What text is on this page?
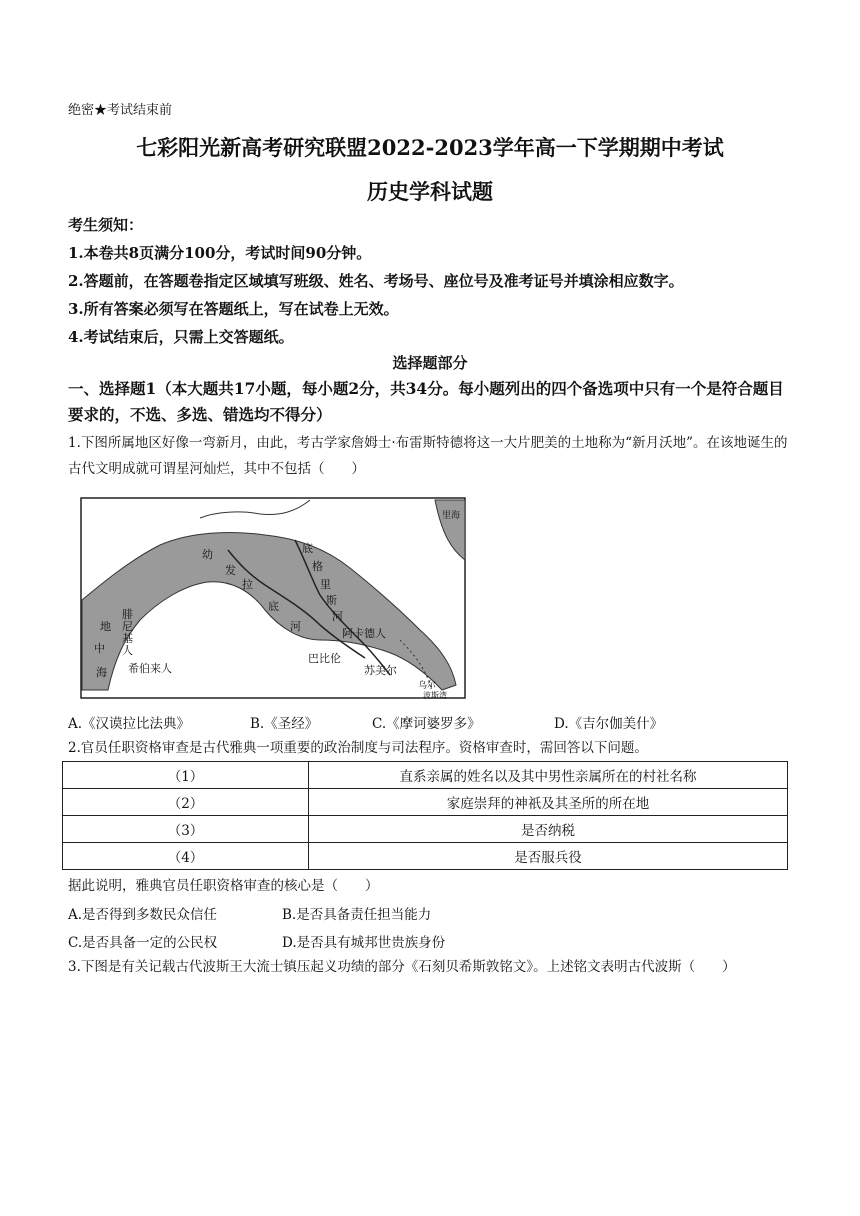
绝密★考试结束前
七彩阳光新高考研究联盟2022-2023学年高一下学期期中考试
历史学科试题
考生须知：
1.本卷共8页满分100分，考试时间90分钟。
2.答题前，在答题卷指定区域填写班级、姓名、考场号、座位号及准考证号并填涂相应数字。
3.所有答案必须写在答题纸上，写在试卷上无效。
4.考试结束后，只需上交答题纸。
选择题部分
一、选择题1（本大题共17小题，每小题2分，共34分。每小题列出的四个备选项中只有一个是符合题目要求的，不选、多选、错选均不得分）
1.下图所属地区好像一弯新月，由此，考古学家詹姆士·布雷斯特德将这一大片肥美的土地称为“新月沃地”。在该地诞生的古代文明成就可谓星河灿烂，其中不包括（　　）
地
中
海
腓
尼
基
人
希伯来人
幼
发
拉
底
河
底
格
里
斯
河
阿卡德人
巴比伦
苏美尔
乌尔
波斯湾
里海
A.《汉谟拉比法典》	B.《圣经》	C.《摩诃婆罗多》	D.《吉尔伽美什》
2.官员任职资格审查是古代雅典一项重要的政治制度与司法程序。资格审查时，需回答以下问题。
（1）	直系亲属的姓名以及其中男性亲属所在的村社名称
（2）	家庭崇拜的神祇及其圣所的所在地
（3）	是否纳税
（4）	是否服兵役
据此说明，雅典官员任职资格审查的核心是（　　）
A.是否得到多数民众信任	B.是否具备责任担当能力
C.是否具备一定的公民权	D.是否具有城邦世贵族身份
3.下图是有关记载古代波斯王大流士镇压起义功绩的部分《石刻贝希斯敦铭文》。上述铭文表明古代波斯（　　）
